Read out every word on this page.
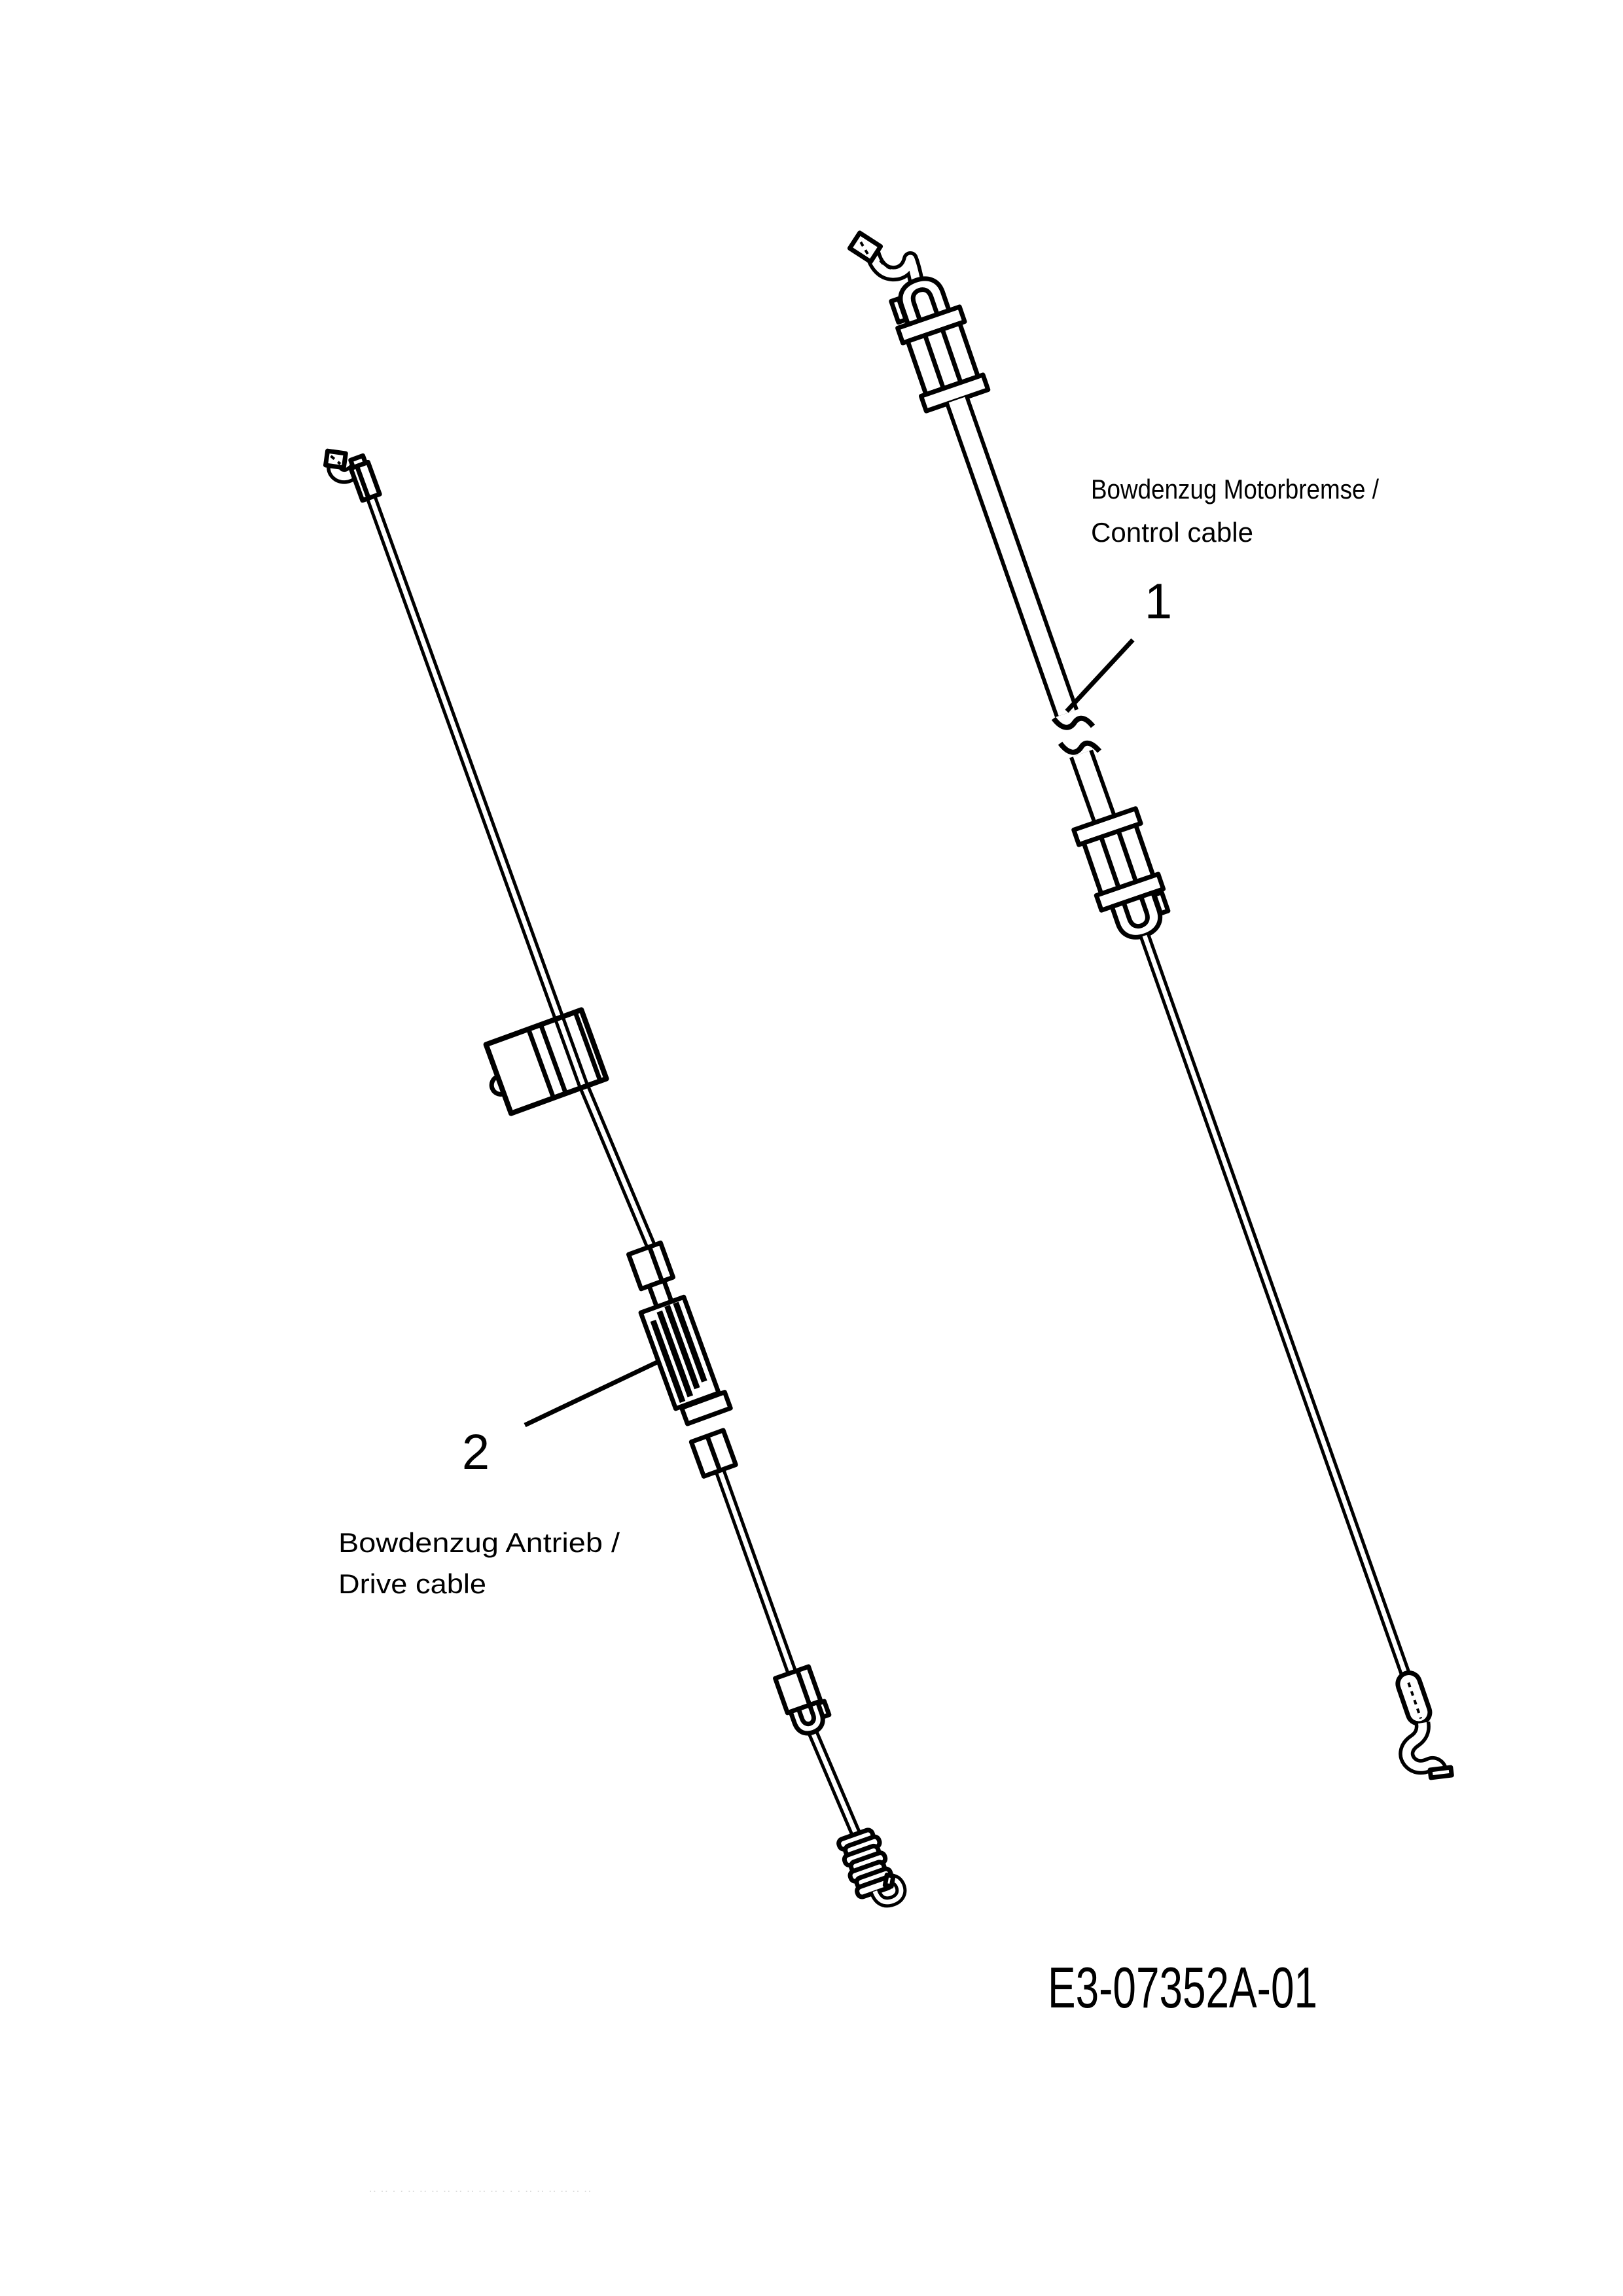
Bowdenzug Motorbremse /
Control cable
1
Bowdenzug Antrieb /
Drive cable
2
E3-07352A-01
·· ·· · · ·· ·· ·· ·· ·· ·· ·· ·· · · · ·· ·· ·· ·· ·· ··
